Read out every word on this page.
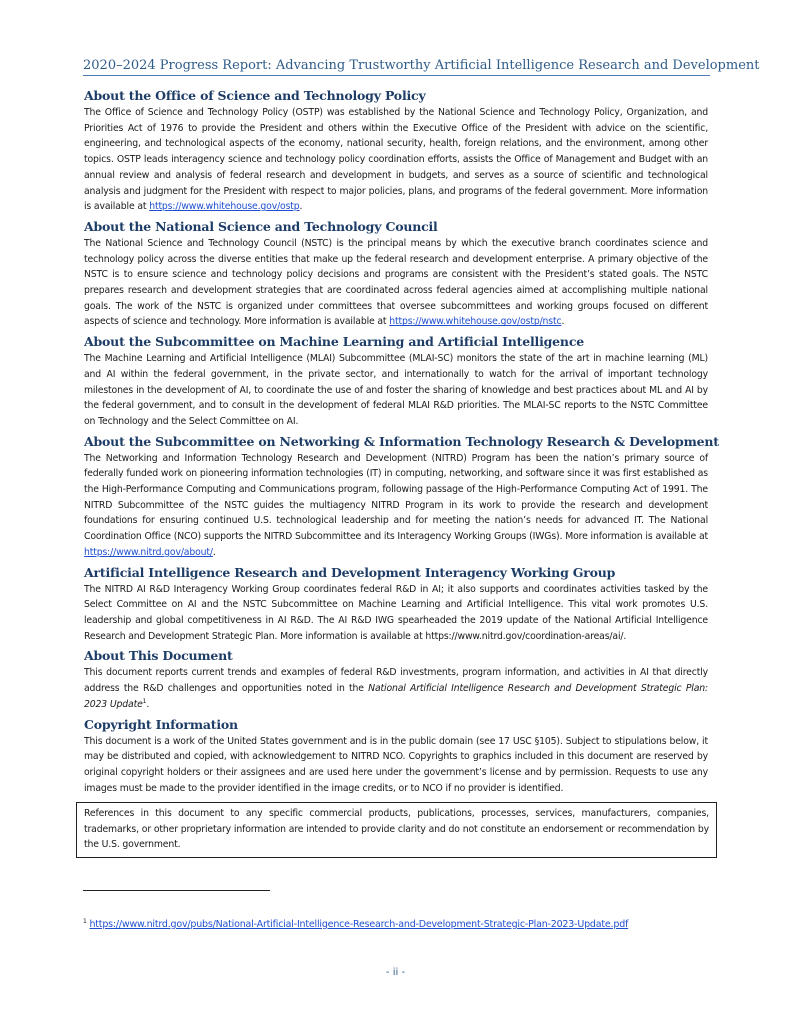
2020–2024 Progress Report: Advancing Trustworthy Artificial Intelligence Research and Development
About the Office of Science and Technology Policy

The Office of Science and Technology Policy (OSTP) was established by the National Science and Technology Policy, Organization, and Priorities Act of 1976 to provide the President and others within the Executive Office of the President with advice on the scientific, engineering, and technological aspects of the economy, national security, health, foreign relations, and the environment, among other topics. OSTP leads interagency science and technology policy coordination efforts, assists the Office of Management and Budget with an annual review and analysis of federal research and development in budgets, and serves as a source of scientific and technological analysis and judgment for the President with respect to major policies, plans, and programs of the federal government. More information is available at https://www.whitehouse.gov/ostp.

About the National Science and Technology Council

The National Science and Technology Council (NSTC) is the principal means by which the executive branch coordinates science and technology policy across the diverse entities that make up the federal research and development enterprise. A primary objective of the NSTC is to ensure science and technology policy decisions and programs are consistent with the President’s stated goals. The NSTC prepares research and development strategies that are coordinated across federal agencies aimed at accomplishing multiple national goals. The work of the NSTC is organized under committees that oversee subcommittees and working groups focused on different aspects of science and technology. More information is available at https://www.whitehouse.gov/ostp/nstc.

About the Subcommittee on Machine Learning and Artificial Intelligence

The Machine Learning and Artificial Intelligence (MLAI) Subcommittee (MLAI-SC) monitors the state of the art in machine learning (ML) and AI within the federal government, in the private sector, and internationally to watch for the arrival of important technology milestones in the development of AI, to coordinate the use of and foster the sharing of knowledge and best practices about ML and AI by the federal government, and to consult in the development of federal MLAI R&D priorities. The MLAI-SC reports to the NSTC Committee on Technology and the Select Committee on AI.

About the Subcommittee on Networking & Information Technology Research & Development

The Networking and Information Technology Research and Development (NITRD) Program has been the nation’s primary source of federally funded work on pioneering information technologies (IT) in computing, networking, and software since it was first established as the High-Performance Computing and Communications program, following passage of the High-Performance Computing Act of 1991. The NITRD Subcommittee of the NSTC guides the multiagency NITRD Program in its work to provide the research and development foundations for ensuring continued U.S. technological leadership and for meeting the nation’s needs for advanced IT. The National Coordination Office (NCO) supports the NITRD Subcommittee and its Interagency Working Groups (IWGs). More information is available at https://www.nitrd.gov/about/.

Artificial Intelligence Research and Development Interagency Working Group

The NITRD AI R&D Interagency Working Group coordinates federal R&D in AI; it also supports and coordinates activities tasked by the Select Committee on AI and the NSTC Subcommittee on Machine Learning and Artificial Intelligence. This vital work promotes U.S. leadership and global competitiveness in AI R&D. The AI R&D IWG spearheaded the 2019 update of the National Artificial Intelligence Research and Development Strategic Plan. More information is available at https://www.nitrd.gov/coordination-areas/ai/.

About This Document

This document reports current trends and examples of federal R&D investments, program information, and activities in AI that directly address the R&D challenges and opportunities noted in the National Artificial Intelligence Research and Development Strategic Plan: 2023 Update$^1$.

Copyright Information

This document is a work of the United States government and is in the public domain (see 17 USC §105). Subject to stipulations below, it may be distributed and copied, with acknowledgement to NITRD NCO. Copyrights to graphics included in this document are reserved by original copyright holders or their assignees and are used here under the government’s license and by permission. Requests to use any images must be made to the provider identified in the image credits, or to NCO if no provider is identified.

References in this document to any specific commercial products, publications, processes, services, manufacturers, companies, trademarks, or other proprietary information are intended to provide clarity and do not constitute an endorsement or recommendation by the U.S. government.
$^1$ https://www.nitrd.gov/pubs/National-Artificial-Intelligence-Research-and-Development-Strategic-Plan-2023-Update.pdf
- ii -
